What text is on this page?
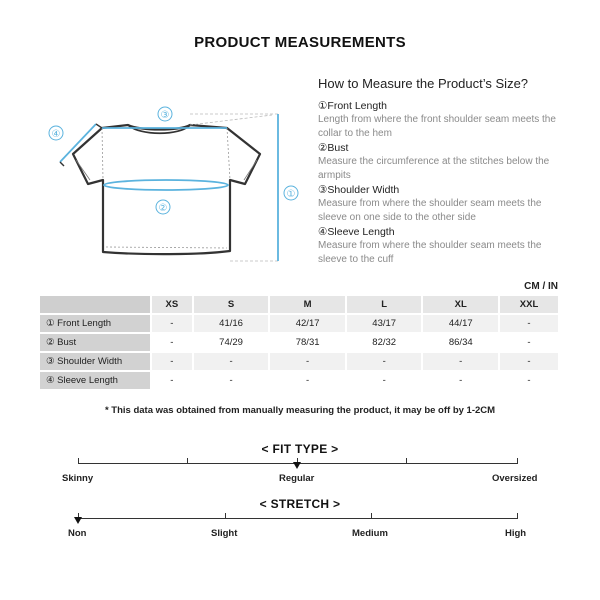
PRODUCT MEASUREMENTS
③
④
②
①
How to Measure the Product’s Size?
①Front Length
Length from where the front shoulder seam meets the collar to the hem
②Bust
Measure the circumference at the stitches below the armpits
③Shoulder Width
Measure from where the shoulder seam meets the sleeve on one side to the other side
④Sleeve Length
Measure from where the shoulder seam meets the sleeve to the cuff
CM / IN
	XS	S	M	L	XL	XXL
① Front Length	-	41/16	42/17	43/17	44/17	-
② Bust	-	74/29	78/31	82/32	86/34	-
③ Shoulder Width	-	-	-	-	-	-
④ Sleeve Length	-	-	-	-	-	-
* This data was obtained from manually measuring the product, it may be off by 1-2CM
< FIT TYPE >
Skinny	Regular	Oversized
< STRETCH >
Non	Slight	Medium	High
